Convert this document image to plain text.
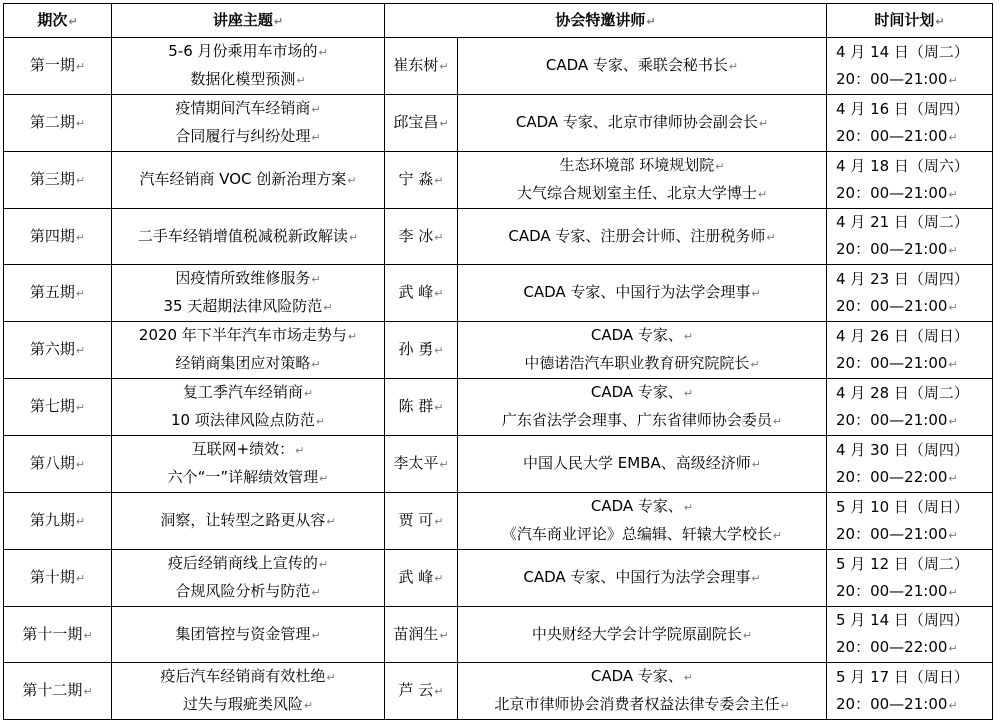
期次↵	讲座主题↵	协会特邀讲师↵		时间计划↵

第一期↵	5-6 月份乘用车市场的↵
数据化模型预测↵	崔东树↵	CADA 专家、乘联会秘书长↵	4 月 14 日（周二）
20：00—21:00↵

第二期↵	疫情期间汽车经销商↵
合同履行与纠纷处理↵	邱宝昌↵	CADA 专家、北京市律师协会副会长↵	4 月 16 日（周四）
20：00—21:00↵

第三期↵	汽车经销商 VOC 创新治理方案↵	宁 淼↵	生态环境部 环境规划院↵
大气综合规划室主任、北京大学博士↵	4 月 18 日（周六）
20：00—21:00↵

第四期↵	二手车经销增值税减税新政解读↵	李 冰↵	CADA 专家、注册会计师、注册税务师↵	4 月 21 日（周二）
20：00—21:00↵

第五期↵	因疫情所致维修服务↵
35 天超期法律风险防范↵	武 峰↵	CADA 专家、中国行为法学会理事↵	4 月 23 日（周四）
20：00—21:00↵

第六期↵	2020 年下半年汽车市场走势与↵
经销商集团应对策略↵	孙 勇↵	CADA 专家、↵
中德诺浩汽车职业教育研究院院长↵	4 月 26 日（周日）
20：00—21:00↵

第七期↵	复工季汽车经销商↵
10 项法律风险点防范↵	陈 群↵	CADA 专家、↵
广东省法学会理事、广东省律师协会委员↵	4 月 28 日（周二）
20：00—21:00↵

第八期↵	互联网+绩效：↵
六个“一”详解绩效管理↵	李太平↵	中国人民大学 EMBA、高级经济师↵	4 月 30 日（周四）
20：00—22:00↵

第九期↵	洞察，让转型之路更从容↵	贾 可↵	CADA 专家、↵
《汽车商业评论》总编辑、轩辕大学校长↵	5 月 10 日（周日）
20：00—21:00↵

第十期↵	疫后经销商线上宣传的↵
合规风险分析与防范↵	武 峰↵	CADA 专家、中国行为法学会理事↵	5 月 12 日（周二）
20：00—21:00↵

第十一期↵	集团管控与资金管理↵	苗润生↵	中央财经大学会计学院原副院长↵	5 月 14 日（周四）
20：00—22:00↵

第十二期↵	疫后汽车经销商有效杜绝↵
过失与瑕疵类风险↵	芦 云↵	CADA 专家、↵
北京市律师协会消费者权益法律专委会主任↵	5 月 17 日（周日）
20：00—21:00↵
